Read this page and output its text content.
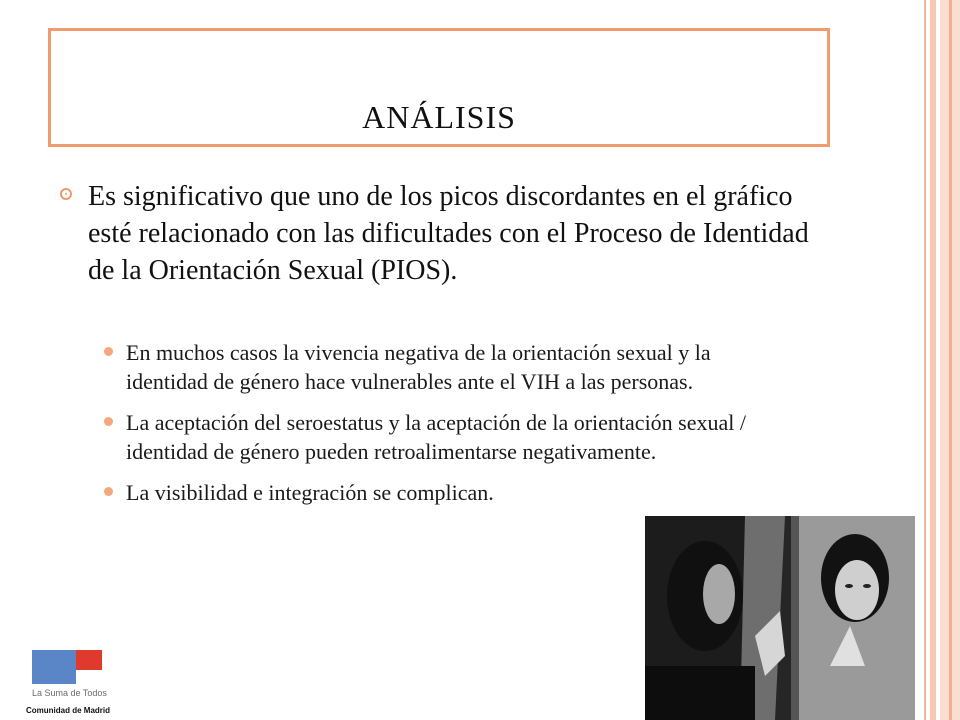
ANÁLISIS
Es significativo que uno de los picos discordantes en el gráfico esté relacionado con las dificultades con el Proceso de Identidad de la Orientación Sexual (PIOS).
En muchos casos la vivencia negativa de la orientación sexual y la identidad de género hace vulnerables ante el VIH a las personas.
La aceptación del seroestatus y la aceptación de la orientación sexual / identidad de género pueden retroalimentarse negativamente.
La visibilidad e integración se complican.
La Suma de Todos
Comunidad de Madrid
